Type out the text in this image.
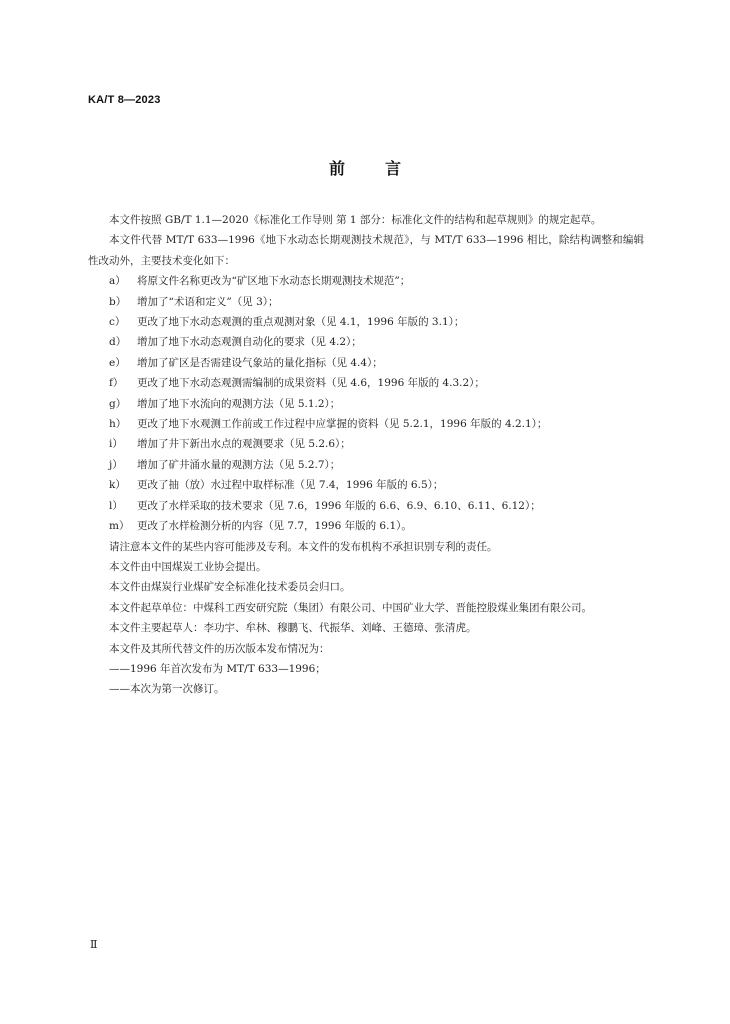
KA/T 8—2023
前	言

本文件按照 GB/T 1.1—2020《标准化工作导则 第 1 部分：标准化文件的结构和起草规则》的规定起草。

本文件代替 MT/T 633—1996《地下水动态长期观测技术规范》，与 MT/T 633—1996 相比，除结构调整和编辑性改动外，主要技术变化如下：

a）	将原文件名称更改为“矿区地下水动态长期观测技术规范”；
b）	增加了“术语和定义”（见 3）；
c）	更改了地下水动态观测的重点观测对象（见 4.1，1996 年版的 3.1）；
d）	增加了地下水动态观测自动化的要求（见 4.2）；
e）	增加了矿区是否需建设气象站的量化指标（见 4.4）；
f）	更改了地下水动态观测需编制的成果资料（见 4.6，1996 年版的 4.3.2）；
g）	增加了地下水流向的观测方法（见 5.1.2）；
h）	更改了地下水观测工作前或工作过程中应掌握的资料（见 5.2.1，1996 年版的 4.2.1）；
i）	增加了井下新出水点的观测要求（见 5.2.6）；
j）	增加了矿井涌水量的观测方法（见 5.2.7）；
k）	更改了抽（放）水过程中取样标准（见 7.4，1996 年版的 6.5）；
l）	更改了水样采取的技术要求（见 7.6，1996 年版的 6.6、6.9、6.10、6.11、6.12）；
m） 更改了水样检测分析的内容（见 7.7，1996 年版的 6.1）。

请注意本文件的某些内容可能涉及专利。本文件的发布机构不承担识别专利的责任。

本文件由中国煤炭工业协会提出。

本文件由煤炭行业煤矿安全标准化技术委员会归口。

本文件起草单位：中煤科工西安研究院（集团）有限公司、中国矿业大学、晋能控股煤业集团有限公司。

本文件主要起草人：李功宇、牟林、穆鹏飞、代振华、刘峰、王德璋、张清虎。

本文件及其所代替文件的历次版本发布情况为：

——1996 年首次发布为 MT/T 633—1996；

——本次为第一次修订。

Ⅱ
